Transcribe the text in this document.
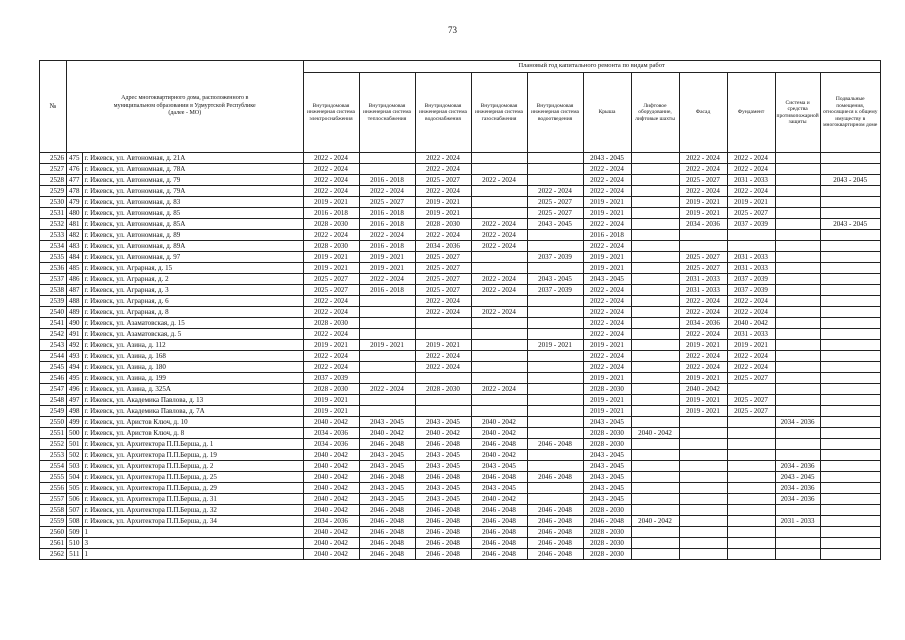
73
№	Адрес многоквартирного дома, расположенного в муниципальном образовании в Удмуртской Республике (далее - МО)		Плановый год капитального ремонта по видам работ										
			Внутридомовая инженерная система электроснабжения	Внутридомовая инженерная система теплоснабжения	Внутридомовая инженерная система водоснабжения	Внутридомовая инженерная система газоснабжения	Внутридомовая инженерная система водоотведения	Крыша	Лифтовое оборудование, лифтовые шахты	Фасад	Фундамент	Система и средства противопожарной защиты	Подвальные помещения, относящиеся к общему имуществу в многоквартирном доме
2526	475	г. Ижевск, ул. Автономная, д. 21А	2022 - 2024		2022 - 2024			2043 - 2045		2022 - 2024	2022 - 2024		
2527	476	г. Ижевск, ул. Автономная, д. 78А	2022 - 2024		2022 - 2024			2022 - 2024		2022 - 2024	2022 - 2024		
2528	477	г. Ижевск, ул. Автономная, д. 79	2022 - 2024	2016 - 2018	2025 - 2027	2022 - 2024		2022 - 2024		2025 - 2027	2031 - 2033		2043 - 2045
2529	478	г. Ижевск, ул. Автономная, д. 79А	2022 - 2024	2022 - 2024	2022 - 2024		2022 - 2024	2022 - 2024		2022 - 2024	2022 - 2024		
2530	479	г. Ижевск, ул. Автономная, д. 83	2019 - 2021	2025 - 2027	2019 - 2021		2025 - 2027	2019 - 2021		2019 - 2021	2019 - 2021		
2531	480	г. Ижевск, ул. Автономная, д. 85	2016 - 2018	2016 - 2018	2019 - 2021		2025 - 2027	2019 - 2021		2019 - 2021	2025 - 2027		
2532	481	г. Ижевск, ул. Автономная, д. 85А	2028 - 2030	2016 - 2018	2028 - 2030	2022 - 2024	2043 - 2045	2022 - 2024		2034 - 2036	2037 - 2039		2043 - 2045
2533	482	г. Ижевск, ул. Автономная, д. 89	2022 - 2024	2022 - 2024	2022 - 2024	2022 - 2024		2016 - 2018					
2534	483	г. Ижевск, ул. Автономная, д. 89А	2028 - 2030	2016 - 2018	2034 - 2036	2022 - 2024		2022 - 2024					
2535	484	г. Ижевск, ул. Автономная, д. 97	2019 - 2021	2019 - 2021	2025 - 2027		2037 - 2039	2019 - 2021		2025 - 2027	2031 - 2033		
2536	485	г. Ижевск, ул. Аграрная, д. 15	2019 - 2021	2019 - 2021	2025 - 2027			2019 - 2021		2025 - 2027	2031 - 2033		
2537	486	г. Ижевск, ул. Аграрная, д. 2	2025 - 2027	2022 - 2024	2025 - 2027	2022 - 2024	2043 - 2045	2043 - 2045		2031 - 2033	2037 - 2039		
2538	487	г. Ижевск, ул. Аграрная, д. 3	2025 - 2027	2016 - 2018	2025 - 2027	2022 - 2024	2037 - 2039	2022 - 2024		2031 - 2033	2037 - 2039		
2539	488	г. Ижевск, ул. Аграрная, д. 6	2022 - 2024		2022 - 2024			2022 - 2024		2022 - 2024	2022 - 2024		
2540	489	г. Ижевск, ул. Аграрная, д. 8	2022 - 2024		2022 - 2024	2022 - 2024		2022 - 2024		2022 - 2024	2022 - 2024		
2541	490	г. Ижевск, ул. Азаматовская, д. 15	2028 - 2030					2022 - 2024		2034 - 2036	2040 - 2042		
2542	491	г. Ижевск, ул. Азаматовская, д. 5	2022 - 2024					2022 - 2024		2022 - 2024	2031 - 2033		
2543	492	г. Ижевск, ул. Азина, д. 112	2019 - 2021	2019 - 2021	2019 - 2021		2019 - 2021	2019 - 2021		2019 - 2021	2019 - 2021		
2544	493	г. Ижевск, ул. Азина, д. 168	2022 - 2024		2022 - 2024			2022 - 2024		2022 - 2024	2022 - 2024		
2545	494	г. Ижевск, ул. Азина, д. 180	2022 - 2024		2022 - 2024			2022 - 2024		2022 - 2024	2022 - 2024		
2546	495	г. Ижевск, ул. Азина, д. 199	2037 - 2039					2019 - 2021		2019 - 2021	2025 - 2027		
2547	496	г. Ижевск, ул. Азина, д. 325А	2028 - 2030	2022 - 2024	2028 - 2030	2022 - 2024		2028 - 2030		2040 - 2042			
2548	497	г. Ижевск, ул. Академика Павлова, д. 13	2019 - 2021					2019 - 2021		2019 - 2021	2025 - 2027		
2549	498	г. Ижевск, ул. Академика Павлова, д. 7А	2019 - 2021					2019 - 2021		2019 - 2021	2025 - 2027		
2550	499	г. Ижевск, ул. Аристов Ключ, д. 10	2040 - 2042	2043 - 2045	2043 - 2045	2040 - 2042		2043 - 2045				2034 - 2036	
2551	500	г. Ижевск, ул. Аристов Ключ, д. 8	2034 - 2036	2040 - 2042	2040 - 2042	2040 - 2042		2028 - 2030	2040 - 2042				
2552	501	г. Ижевск, ул. Архитектора П.П.Берша, д. 1	2034 - 2036	2046 - 2048	2046 - 2048	2046 - 2048	2046 - 2048	2028 - 2030					
2553	502	г. Ижевск, ул. Архитектора П.П.Берша, д. 19	2040 - 2042	2043 - 2045	2043 - 2045	2040 - 2042		2043 - 2045					
2554	503	г. Ижевск, ул. Архитектора П.П.Берша, д. 2	2040 - 2042	2043 - 2045	2043 - 2045	2043 - 2045		2043 - 2045				2034 - 2036	
2555	504	г. Ижевск, ул. Архитектора П.П.Берша, д. 25	2040 - 2042	2046 - 2048	2046 - 2048	2046 - 2048	2046 - 2048	2043 - 2045				2043 - 2045	
2556	505	г. Ижевск, ул. Архитектора П.П.Берша, д. 29	2040 - 2042	2043 - 2045	2043 - 2045	2043 - 2045		2043 - 2045				2034 - 2036	
2557	506	г. Ижевск, ул. Архитектора П.П.Берша, д. 31	2040 - 2042	2043 - 2045	2043 - 2045	2040 - 2042		2043 - 2045				2034 - 2036	
2558	507	г. Ижевск, ул. Архитектора П.П.Берша, д. 32	2040 - 2042	2046 - 2048	2046 - 2048	2046 - 2048	2046 - 2048	2028 - 2030					
2559	508	г. Ижевск, ул. Архитектора П.П.Берша, д. 34	2034 - 2036	2046 - 2048	2046 - 2048	2046 - 2048	2046 - 2048	2046 - 2048	2040 - 2042			2031 - 2033	
2560	509	1	2040 - 2042	2046 - 2048	2046 - 2048	2046 - 2048	2046 - 2048	2028 - 2030					
2561	510	3	2040 - 2042	2046 - 2048	2046 - 2048	2046 - 2048	2046 - 2048	2028 - 2030					
2562	511	1	2040 - 2042	2046 - 2048	2046 - 2048	2046 - 2048	2046 - 2048	2028 - 2030					
